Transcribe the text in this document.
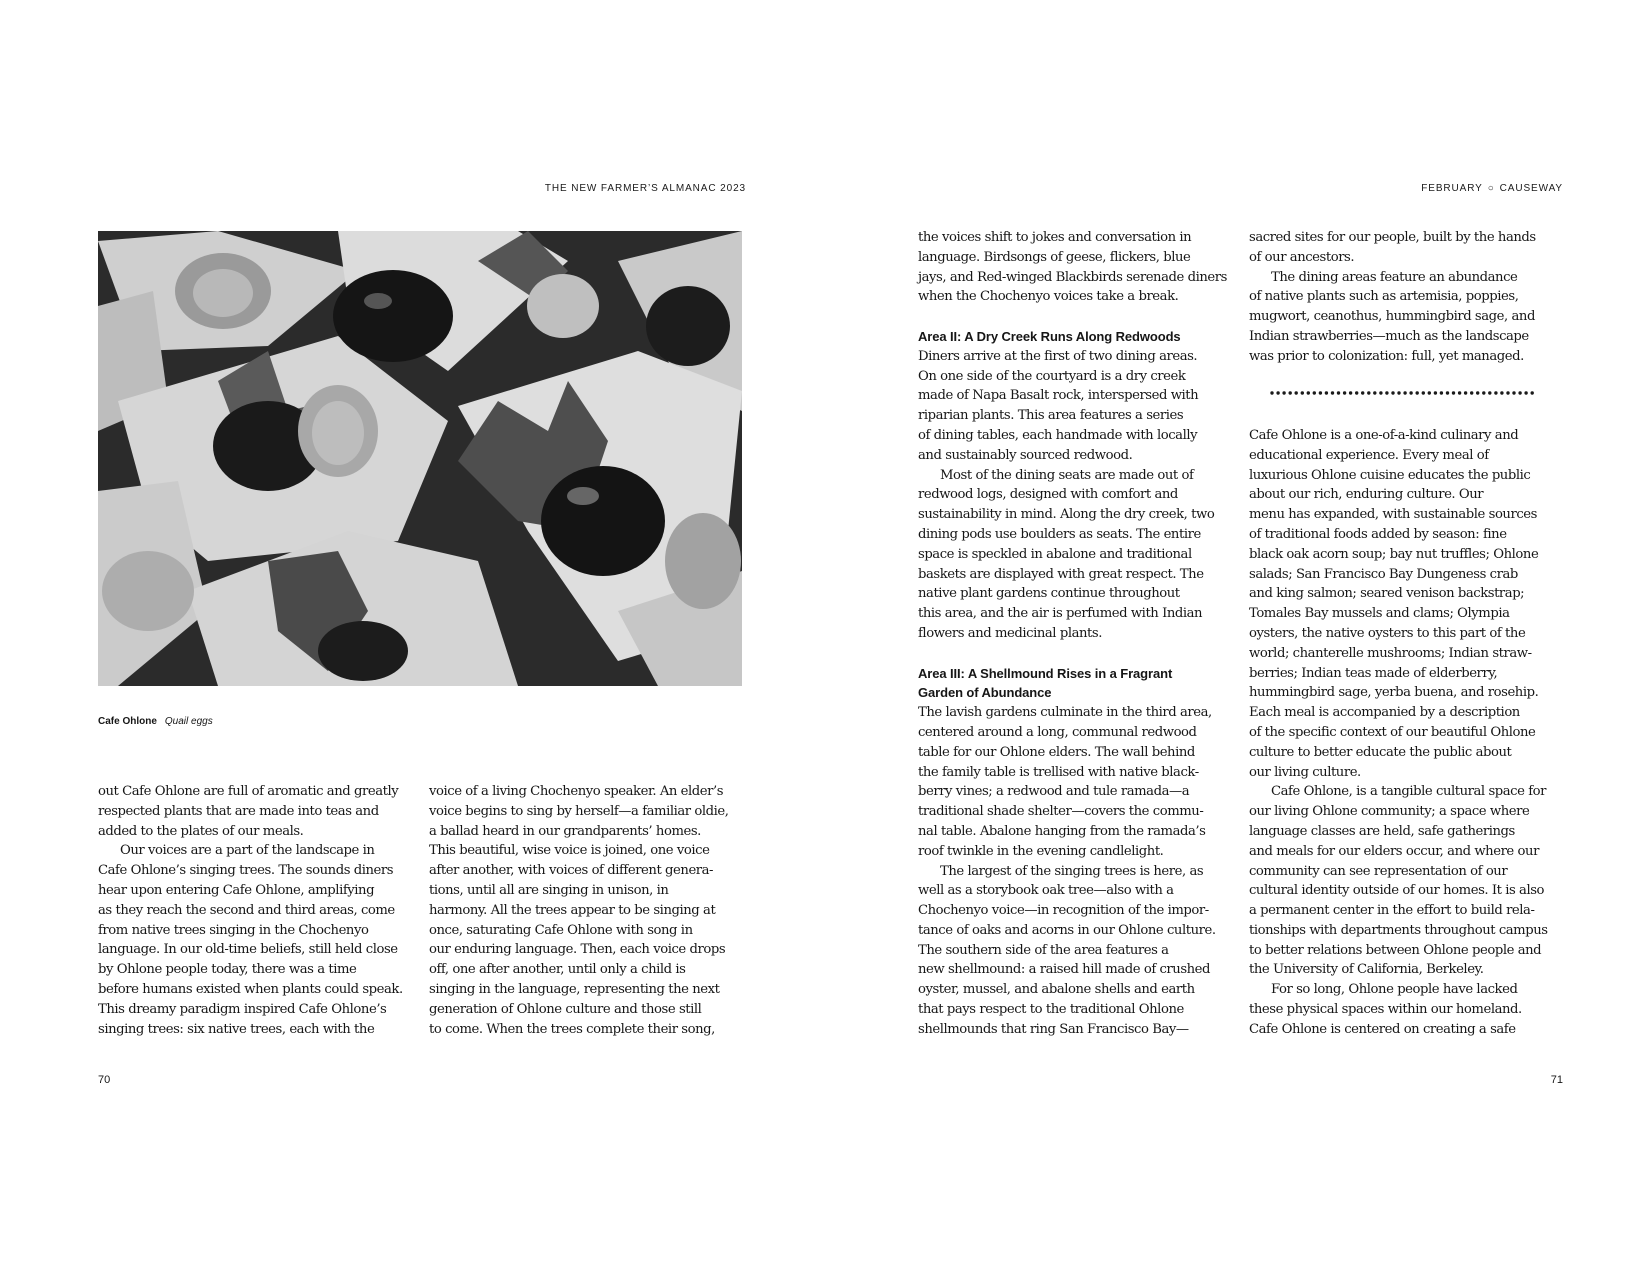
THE NEW FARMER’S ALMANAC 2023	FEBRUARY ○ CAUSEWAY
Cafe Ohlone Quail eggs
out Cafe Ohlone are full of aromatic and greatly
respected plants that are made into teas and
added to the plates of our meals.
Our voices are a part of the landscape in
Cafe Ohlone’s singing trees. The sounds diners
hear upon entering Cafe Ohlone, amplifying
as they reach the second and third areas, come
from native trees singing in the Chochenyo
language. In our old-time beliefs, still held close
by Ohlone people today, there was a time
before humans existed when plants could speak.
This dreamy paradigm inspired Cafe Ohlone’s
singing trees: six native trees, each with the
voice of a living Chochenyo speaker. An elder’s
voice begins to sing by herself—a familiar oldie,
a ballad heard in our grandparents’ homes.
This beautiful, wise voice is joined, one voice
after another, with voices of different genera-
tions, until all are singing in unison, in
harmony. All the trees appear to be singing at
once, saturating Cafe Ohlone with song in
our enduring language. Then, each voice drops
off, one after another, until only a child is
singing in the language, representing the next
generation of Ohlone culture and those still
to come. When the trees complete their song,
the voices shift to jokes and conversation in
language. Birdsongs of geese, flickers, blue
jays, and Red-winged Blackbirds serenade diners
when the Chochenyo voices take a break.
Area II: A Dry Creek Runs Along Redwoods
Diners arrive at the first of two dining areas.
On one side of the courtyard is a dry creek
made of Napa Basalt rock, interspersed with
riparian plants. This area features a series
of dining tables, each handmade with locally
and sustainably sourced redwood.
Most of the dining seats are made out of
redwood logs, designed with comfort and
sustainability in mind. Along the dry creek, two
dining pods use boulders as seats. The entire
space is speckled in abalone and traditional
baskets are displayed with great respect. The
native plant gardens continue throughout
this area, and the air is perfumed with Indian
flowers and medicinal plants.
Area III: A Shellmound Rises in a Fragrant
Garden of Abundance
The lavish gardens culminate in the third area,
centered around a long, communal redwood
table for our Ohlone elders. The wall behind
the family table is trellised with native black-
berry vines; a redwood and tule ramada—a
traditional shade shelter—covers the commu-
nal table. Abalone hanging from the ramada’s
roof twinkle in the evening candlelight.
The largest of the singing trees is here, as
well as a storybook oak tree—also with a
Chochenyo voice—in recognition of the impor-
tance of oaks and acorns in our Ohlone culture.
The southern side of the area features a
new shellmound: a raised hill made of crushed
oyster, mussel, and abalone shells and earth
that pays respect to the traditional Ohlone
shellmounds that ring San Francisco Bay—
sacred sites for our people, built by the hands
of our ancestors.
The dining areas feature an abundance
of native plants such as artemisia, poppies,
mugwort, ceanothus, hummingbird sage, and
Indian strawberries—much as the landscape
was prior to colonization: full, yet managed.
Cafe Ohlone is a one-of-a-kind culinary and
educational experience. Every meal of
luxurious Ohlone cuisine educates the public
about our rich, enduring culture. Our
menu has expanded, with sustainable sources
of traditional foods added by season: fine
black oak acorn soup; bay nut truffles; Ohlone
salads; San Francisco Bay Dungeness crab
and king salmon; seared venison backstrap;
Tomales Bay mussels and clams; Olympia
oysters, the native oysters to this part of the
world; chanterelle mushrooms; Indian straw-
berries; Indian teas made of elderberry,
hummingbird sage, yerba buena, and rosehip.
Each meal is accompanied by a description
of the specific context of our beautiful Ohlone
culture to better educate the public about
our living culture.
Cafe Ohlone, is a tangible cultural space for
our living Ohlone community; a space where
language classes are held, safe gatherings
and meals for our elders occur, and where our
community can see representation of our
cultural identity outside of our homes. It is also
a permanent center in the effort to build rela-
tionships with departments throughout campus
to better relations between Ohlone people and
the University of California, Berkeley.
For so long, Ohlone people have lacked
these physical spaces within our homeland.
Cafe Ohlone is centered on creating a safe
70	71
